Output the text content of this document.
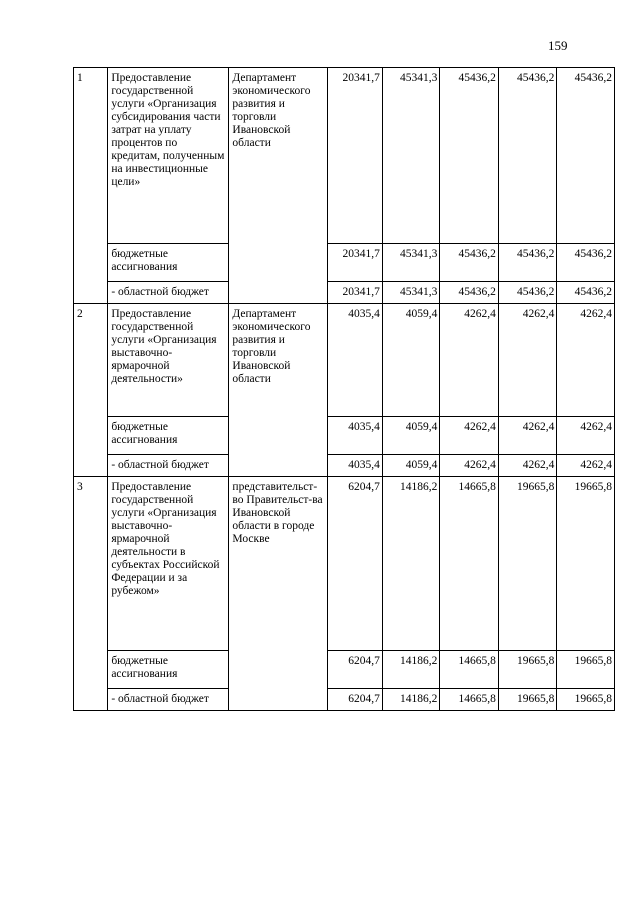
159
1	Предоставление государственной услуги «Организация субсидирования части затрат на уплату процентов по кредитам, полученным на инвестиционные цели»	Департамент экономического развития и торговли Ивановской области	20341,7	45341,3	45436,2	45436,2	45436,2
	бюджетные ассигнования		20341,7	45341,3	45436,2	45436,2	45436,2
	- областной бюджет		20341,7	45341,3	45436,2	45436,2	45436,2
2	Предоставление государственной услуги «Организация выставочно-ярмарочной деятельности»	Департамент экономического развития и торговли Ивановской области	4035,4	4059,4	4262,4	4262,4	4262,4
	бюджетные ассигнования		4035,4	4059,4	4262,4	4262,4	4262,4
	- областной бюджет		4035,4	4059,4	4262,4	4262,4	4262,4
3	Предоставление государственной услуги «Организация выставочно-ярмарочной деятельности в субъектах Российской Федерации и за рубежом»	представительст-во Правительст-ва Ивановской области в городе Москве	6204,7	14186,2	14665,8	19665,8	19665,8
	бюджетные ассигнования		6204,7	14186,2	14665,8	19665,8	19665,8
	- областной бюджет		6204,7	14186,2	14665,8	19665,8	19665,8
